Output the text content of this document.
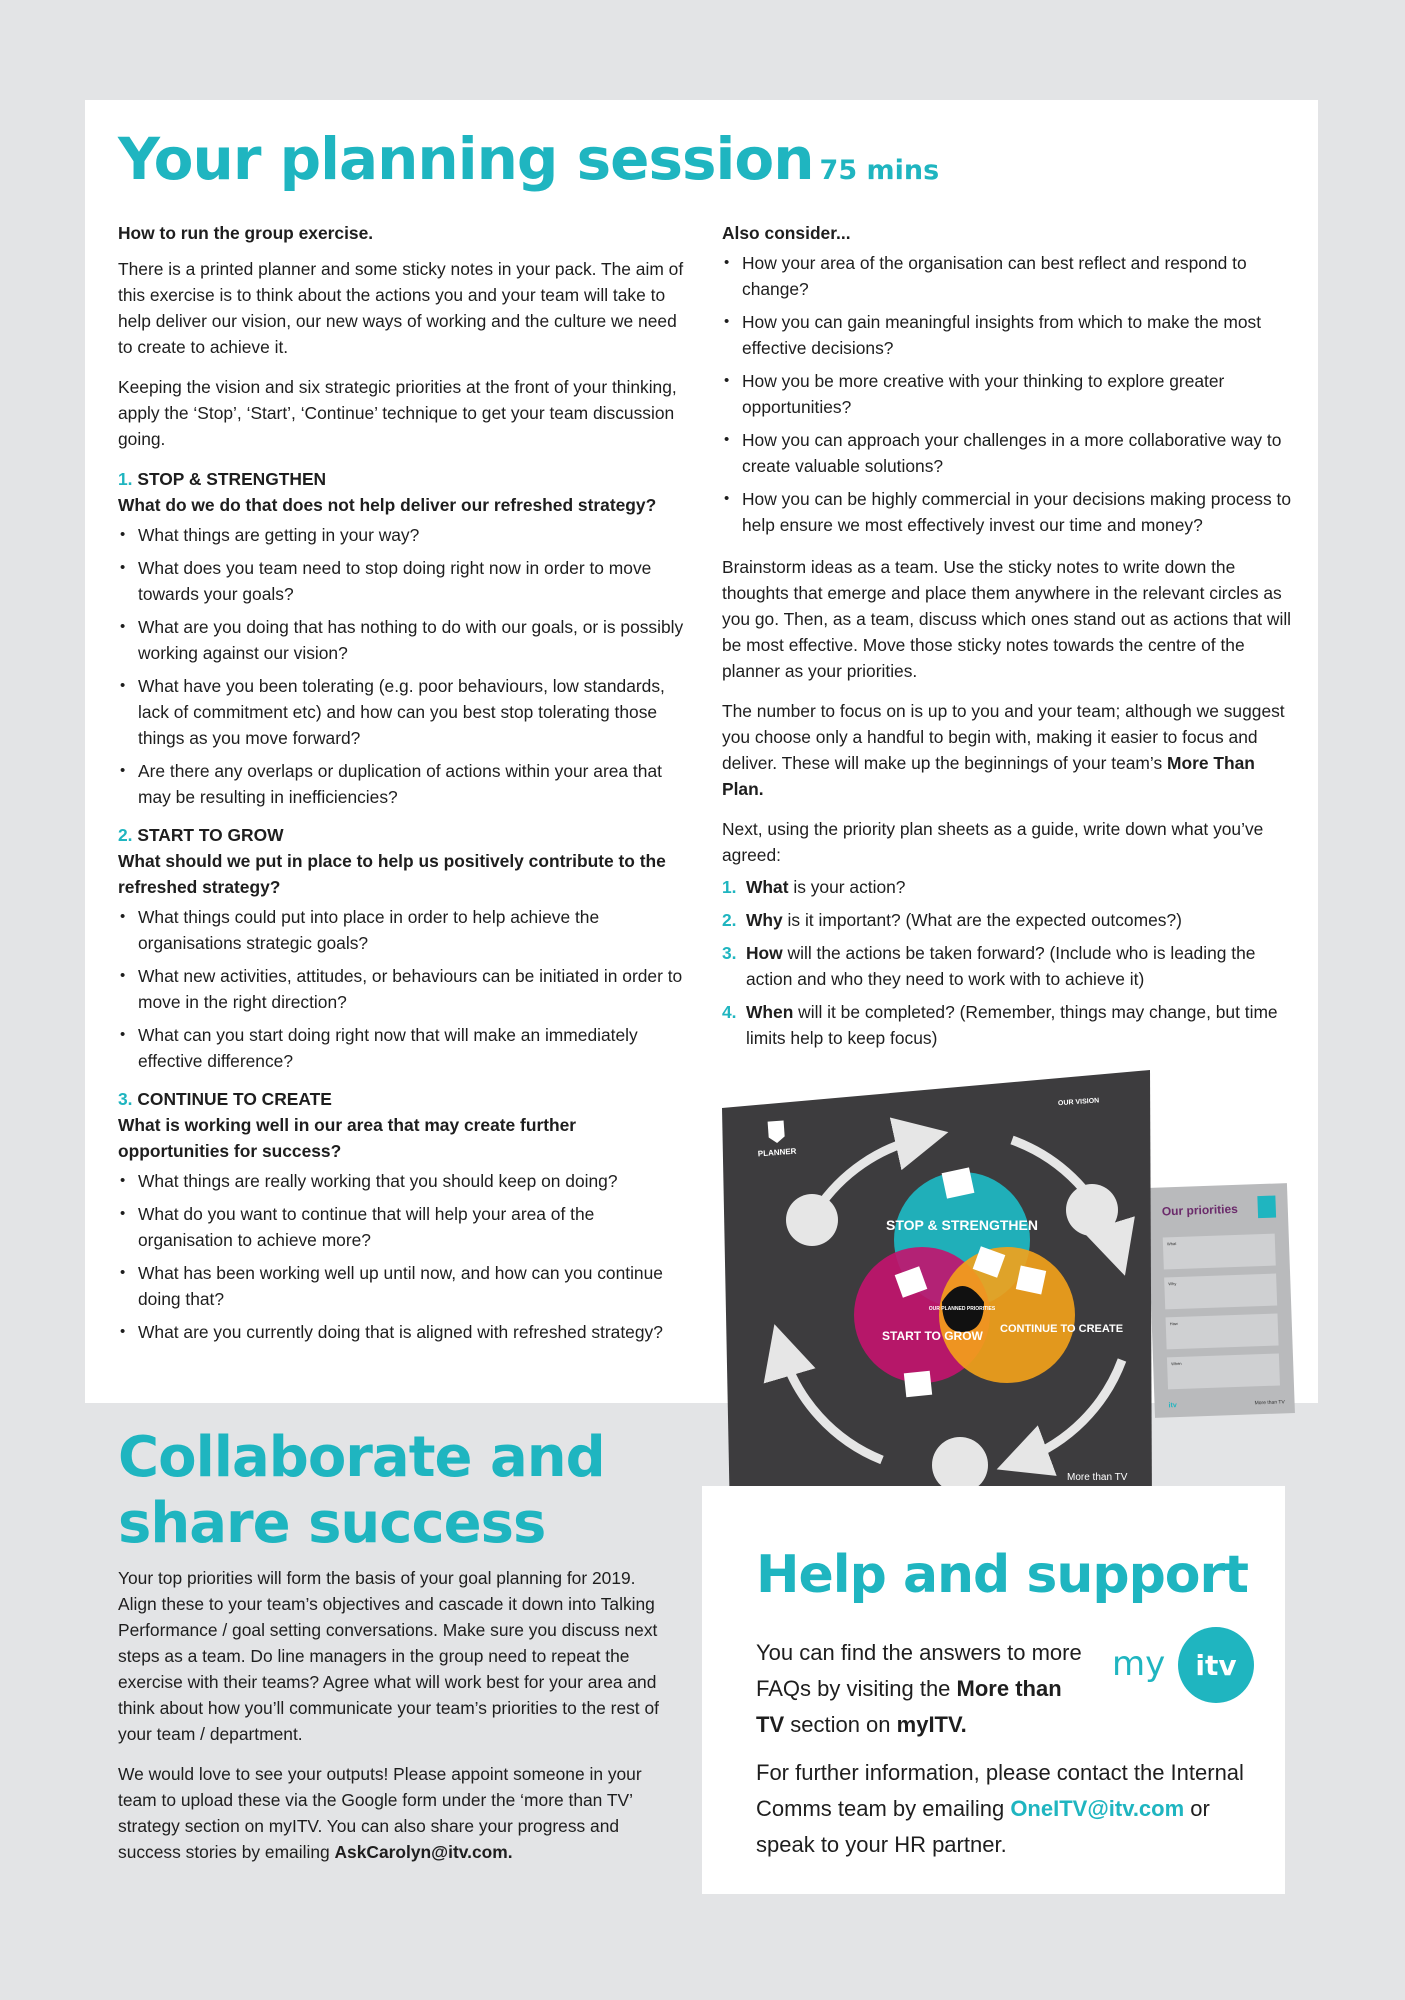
Your planning session 75 mins
How to run the group exercise.

There is a printed planner and some sticky notes in your pack. The aim of this exercise is to think about the actions you and your team will take to help deliver our vision, our new ways of working and the culture we need to create to achieve it.

Keeping the vision and six strategic priorities at the front of your thinking, apply the ‘Stop’, ‘Start’, ‘Continue’ technique to get your team discussion going.

1. STOP & STRENGTHEN
What do we do that does not help deliver our refreshed strategy?
• What things are getting in your way?
• What does you team need to stop doing right now in order to move towards your goals?
• What are you doing that has nothing to do with our goals, or is possibly working against our vision?
• What have you been tolerating (e.g. poor behaviours, low standards, lack of commitment etc) and how can you best stop tolerating those things as you move forward?
• Are there any overlaps or duplication of actions within your area that may be resulting in inefficiencies?
2. START TO GROW
What should we put in place to help us positively contribute to the refreshed strategy?
• What things could put into place in order to help achieve the organisations strategic goals?
• What new activities, attitudes, or behaviours can be initiated in order to move in the right direction?
• What can you start doing right now that will make an immediately effective difference?
3. CONTINUE TO CREATE
What is working well in our area that may create further opportunities for success?
• What things are really working that you should keep on doing?
• What do you want to continue that will help your area of the organisation to achieve more?
• What has been working well up until now, and how can you continue doing that?
• What are you currently doing that is aligned with refreshed strategy?
Also consider...
• How your area of the organisation can best reflect and respond to change?
• How you can gain meaningful insights from which to make the most effective decisions?
• How you be more creative with your thinking to explore greater opportunities?
• How you can approach your challenges in a more collaborative way to create valuable solutions?
• How you can be highly commercial in your decisions making process to help ensure we most effectively invest our time and money?

Brainstorm ideas as a team. Use the sticky notes to write down the thoughts that emerge and place them anywhere in the relevant circles as you go. Then, as a team, discuss which ones stand out as actions that will be most effective. Move those sticky notes towards the centre of the planner as your priorities.

The number to focus on is up to you and your team; although we suggest you choose only a handful to begin with, making it easier to focus and deliver. These will make up the beginnings of your team’s More Than Plan.

Next, using the priority plan sheets as a guide, write down what you’ve agreed:

1. What is your action?
2. Why is it important? (What are the expected outcomes?)
3. How will the actions be taken forward? (Include who is leading the action and who they need to work with to achieve it)
4. When will it be completed? (Remember, things may change, but time limits help to keep focus)
Our priorities
What
Why
How
When
itv	More than TV
PLANNER
OUR VISION
STOP & STRENGTHEN
START TO GROW CONTINUE TO CREATE
OUR PLANNED PRIORITIES
More than TV
Collaborate and share success

Your top priorities will form the basis of your goal planning for 2019. Align these to your team’s objectives and cascade it down into Talking Performance / goal setting conversations. Make sure you discuss next steps as a team. Do line managers in the group need to repeat the exercise with their teams? Agree what will work best for your area and think about how you’ll communicate your team’s priorities to the rest of your team / department.

We would love to see your outputs! Please appoint someone in your team to upload these via the Google form under the ‘more than TV’ strategy section on myITV. You can also share your progress and success stories by emailing AskCarolyn@itv.com.

Help and support
my itv

You can find the answers to more FAQs by visiting the More than TV section on myITV.

For further information, please contact the Internal Comms team by emailing OneITV@itv.com or speak to your HR partner.
